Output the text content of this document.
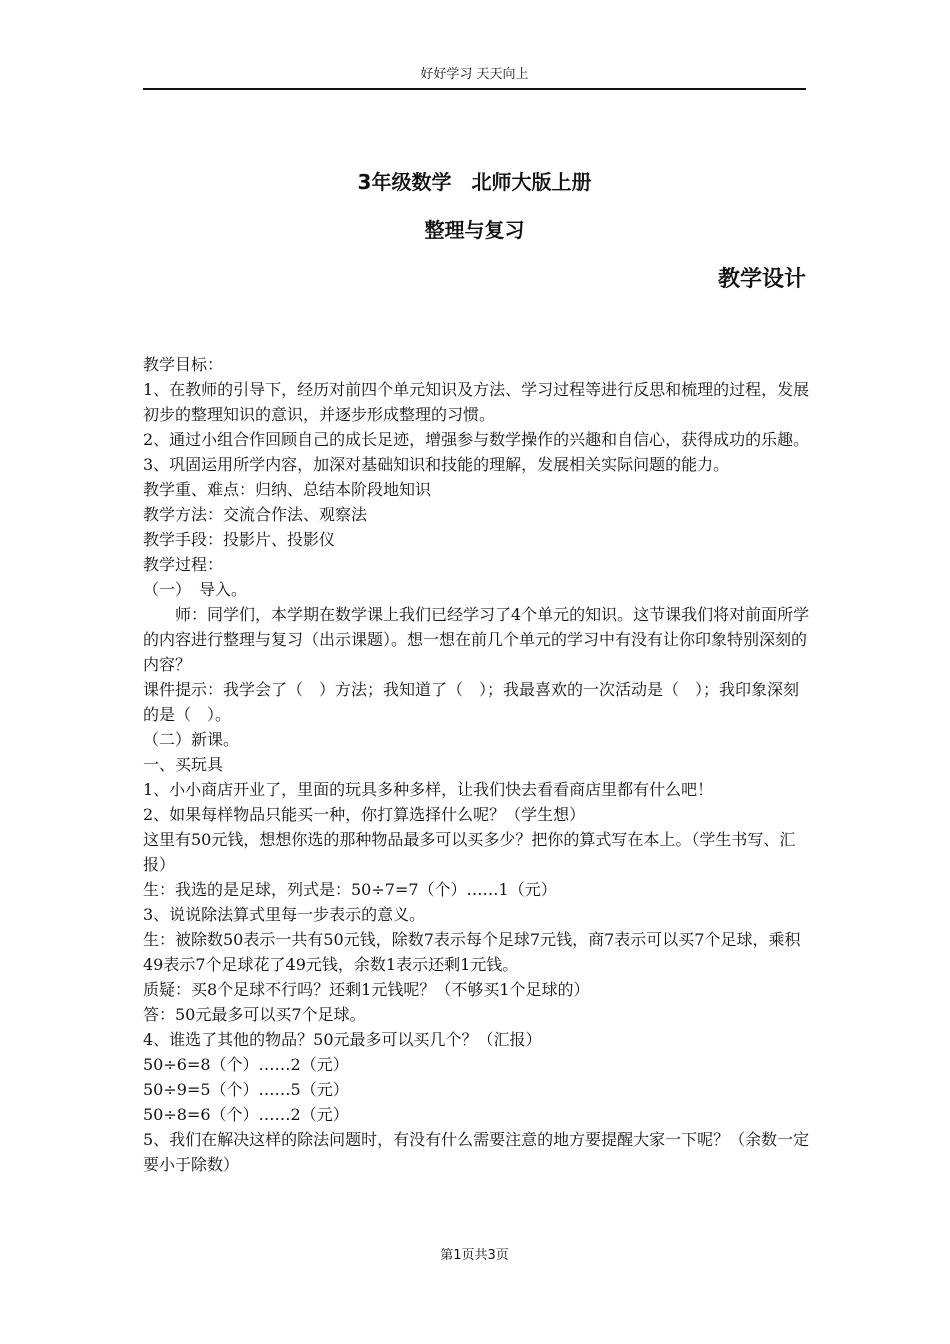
好好学习 天天向上
3年级数学　北师大版上册
整理与复习
教学设计

教学目标：

1、在教师的引导下，经历对前四个单元知识及方法、学习过程等进行反思和梳理的过程，发展初步的整理知识的意识，并逐步形成整理的习惯。

2、通过小组合作回顾自己的成长足迹，增强参与数学操作的兴趣和自信心，获得成功的乐趣。

3、巩固运用所学内容，加深对基础知识和技能的理解，发展相关实际问题的能力。

教学重、难点：归纳、总结本阶段地知识

教学方法：交流合作法、观察法

教学手段：投影片、投影仪

教学过程：

（一）　导入。

师：同学们，本学期在数学课上我们已经学习了4个单元的知识。这节课我们将对前面所学的内容进行整理与复习（出示课题）。想一想在前几个单元的学习中有没有让你印象特别深刻的内容？

课件提示：我学会了（　）方法；我知道了（　）；我最喜欢的一次活动是（　）；我印象深刻的是（　）。

（二）新课。

一、买玩具

1、小小商店开业了，里面的玩具多种多样，让我们快去看看商店里都有什么吧！

2、如果每样物品只能买一种，你打算选择什么呢？（学生想）

这里有50元钱，想想你选的那种物品最多可以买多少？把你的算式写在本上。（学生书写、汇报）

生：我选的是足球，列式是：50÷7=7（个）……1（元）

3、说说除法算式里每一步表示的意义。

生：被除数50表示一共有50元钱，除数7表示每个足球7元钱，商7表示可以买7个足球，乘积49表示7个足球花了49元钱，余数1表示还剩1元钱。

质疑：买8个足球不行吗？还剩1元钱呢？（不够买1个足球的）

答：50元最多可以买7个足球。

4、谁选了其他的物品？50元最多可以买几个？（汇报）

50÷6=8（个）……2（元）

50÷9=5（个）……5（元）

50÷8=6（个）……2（元）

5、我们在解决这样的除法问题时，有没有什么需要注意的地方要提醒大家一下呢？（余数一定要小于除数）

第1页共3页
